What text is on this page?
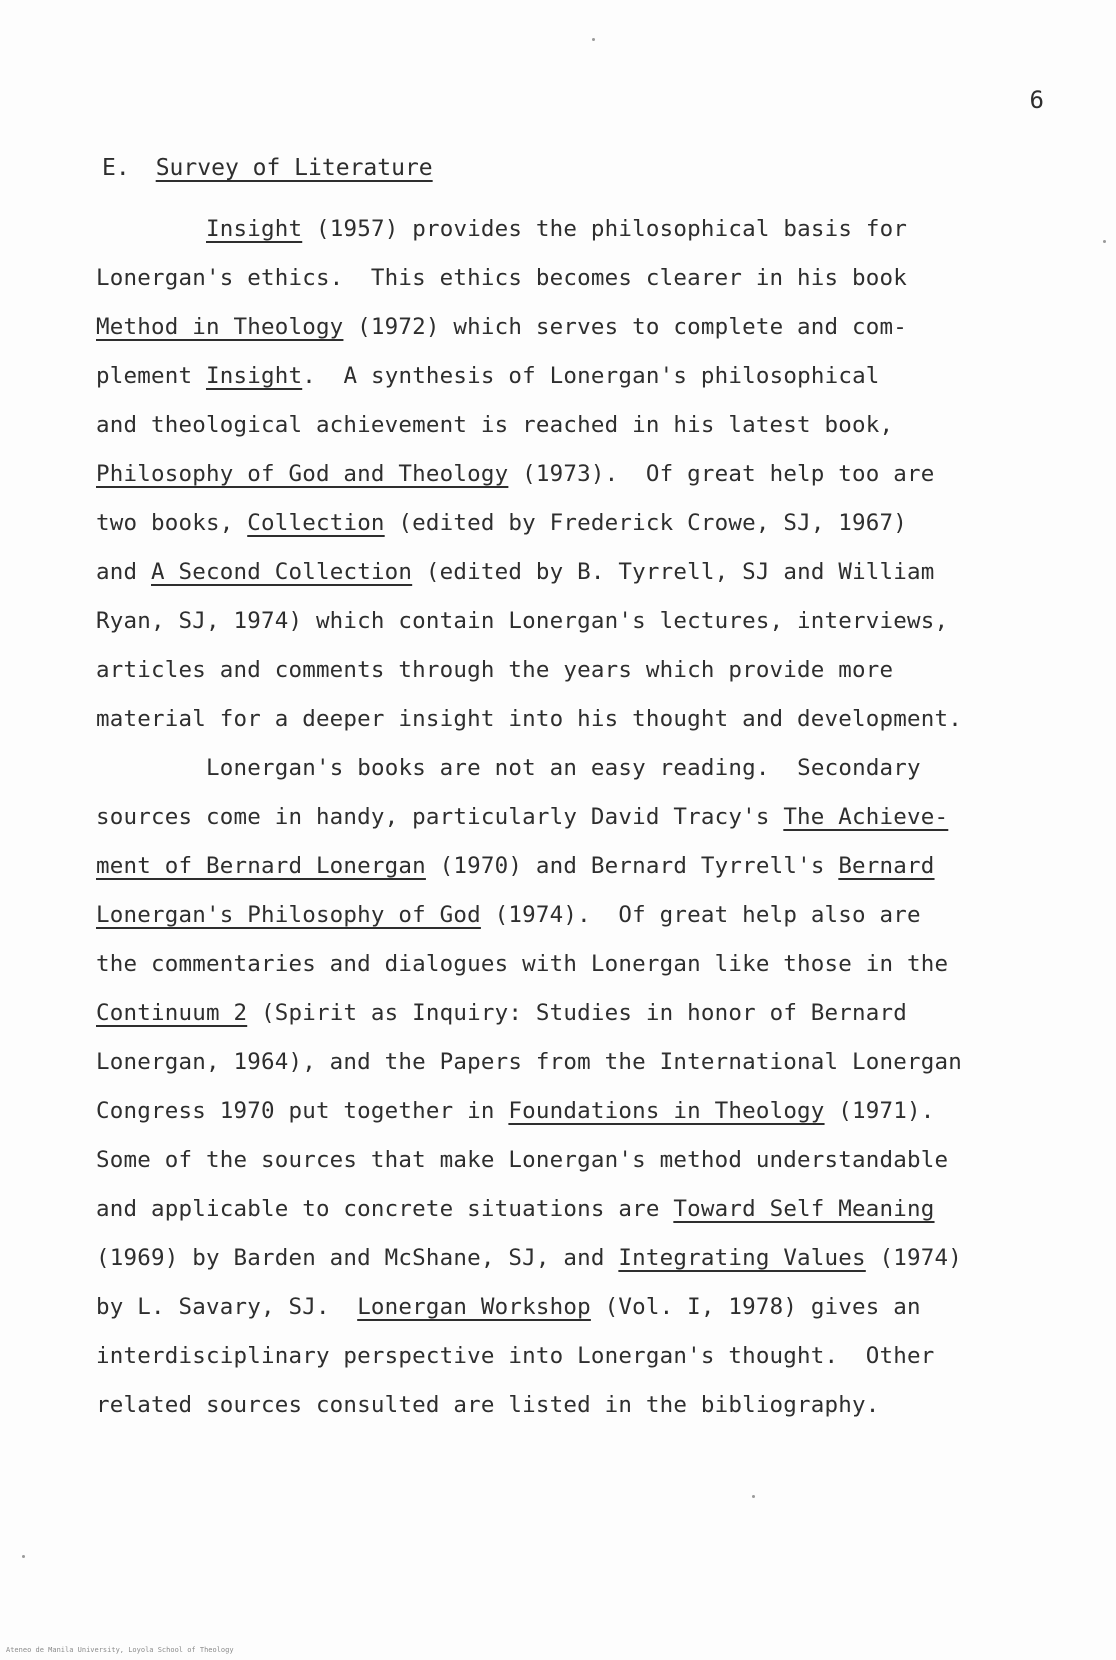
6
E. Survey of Literature
Insight (1957) provides the philosophical basis for
Lonergan's ethics.  This ethics becomes clearer in his book
Method in Theology (1972) which serves to complete and com-
plement Insight.  A synthesis of Lonergan's philosophical
and theological achievement is reached in his latest book,
Philosophy of God and Theology (1973).  Of great help too are
two books, Collection (edited by Frederick Crowe, SJ, 1967)
and A Second Collection (edited by B. Tyrrell, SJ and William
Ryan, SJ, 1974) which contain Lonergan's lectures, interviews,
articles and comments through the years which provide more
material for a deeper insight into his thought and development.
Lonergan's books are not an easy reading.  Secondary
sources come in handy, particularly David Tracy's The Achieve-
ment of Bernard Lonergan (1970) and Bernard Tyrrell's Bernard
Lonergan's Philosophy of God (1974).  Of great help also are
the commentaries and dialogues with Lonergan like those in the
Continuum 2 (Spirit as Inquiry: Studies in honor of Bernard
Lonergan, 1964), and the Papers from the International Lonergan
Congress 1970 put together in Foundations in Theology (1971).
Some of the sources that make Lonergan's method understandable
and applicable to concrete situations are Toward Self Meaning
(1969) by Barden and McShane, SJ, and Integrating Values (1974)
by L. Savary, SJ.  Lonergan Workshop (Vol. I, 1978) gives an
interdisciplinary perspective into Lonergan's thought.  Other
related sources consulted are listed in the bibliography.
Ateneo de Manila University, Loyola School of Theology
